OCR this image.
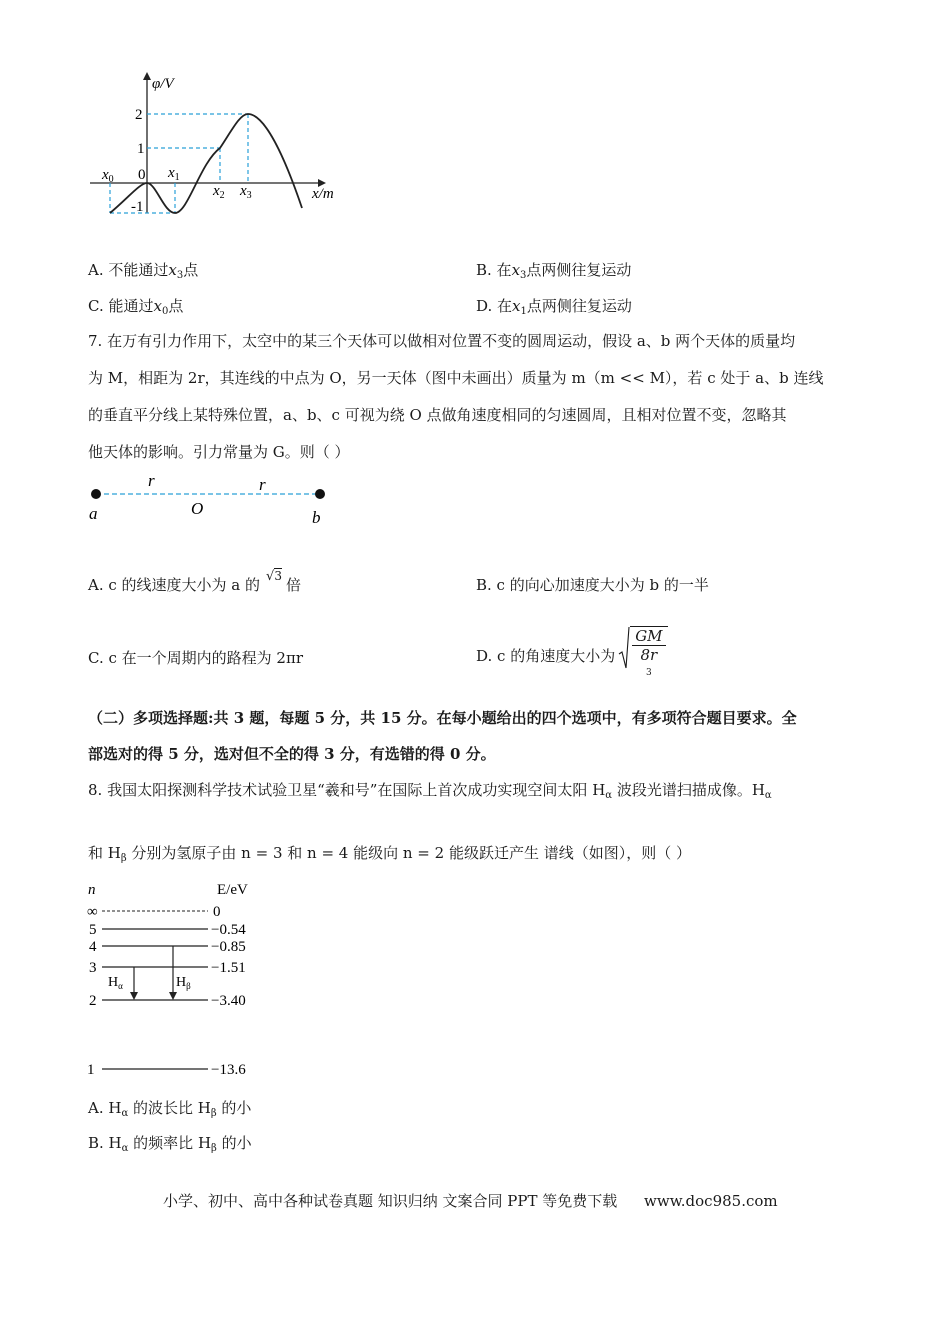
φ/V
x/m
0
2
1
-1
$x_0$	$x_1$
$x_2$ $x_3$
A. 不能通过$x_3$点	B. 在$x_3$点两侧往复运动
C. 能通过$x_0$点	D. 在$x_1$点两侧往复运动
7. 在万有引力作用下，太空中的某三个天体可以做相对位置不变的圆周运动，假设 a、b 两个天体的质量均
为 M，相距为 2r，其连线的中点为 O，另一天体（图中未画出）质量为 m（m << M），若 c 处于 a、b 连线
的垂直平分线上某特殊位置，a、b、c 可视为绕 O 点做角速度相同的匀速圆周，且相对位置不变，忽略其
他天体的影响。引力常量为 G。则（ ）
a	b
O
r	r
A. c 的线速度大小为 a 的 √3 倍	B. c 的向心加速度大小为 b 的一半
C. c 在一个周期内的路程为 2πr	D. c 的角速度大小为 GM
8r
$^3$
（二）多项选择题:共 3 题，每题 5 分，共 15 分。在每小题给出的四个选项中，有多项符合题目要求。全
部选对的得 5 分，选对但不全的得 3 分，有选错的得 0 分。
8. 我国太阳探测科学技术试验卫星“羲和号”在国际上首次成功实现空间太阳 $H_\alpha$ 波段光谱扫描成像。$H_\alpha$
和 $H_\beta$ 分别为氢原子由 n = 3 和 n = 4 能级向 n = 2 能级跃迁产生 谱线（如图），则（ ）
n	E/eV
∞
5
4
3
2
1
0
−0.54
−0.85
−1.51
−3.40
−13.6
$H_\alpha$	$H_\beta$
A. $H_\alpha$ 的波长比 $H_\beta$ 的小
B. $H_\alpha$ 的频率比 $H_\beta$ 的小
小学、初中、高中各种试卷真题 知识归纳 文案合同 PPT 等免费下载 www.doc985.com
